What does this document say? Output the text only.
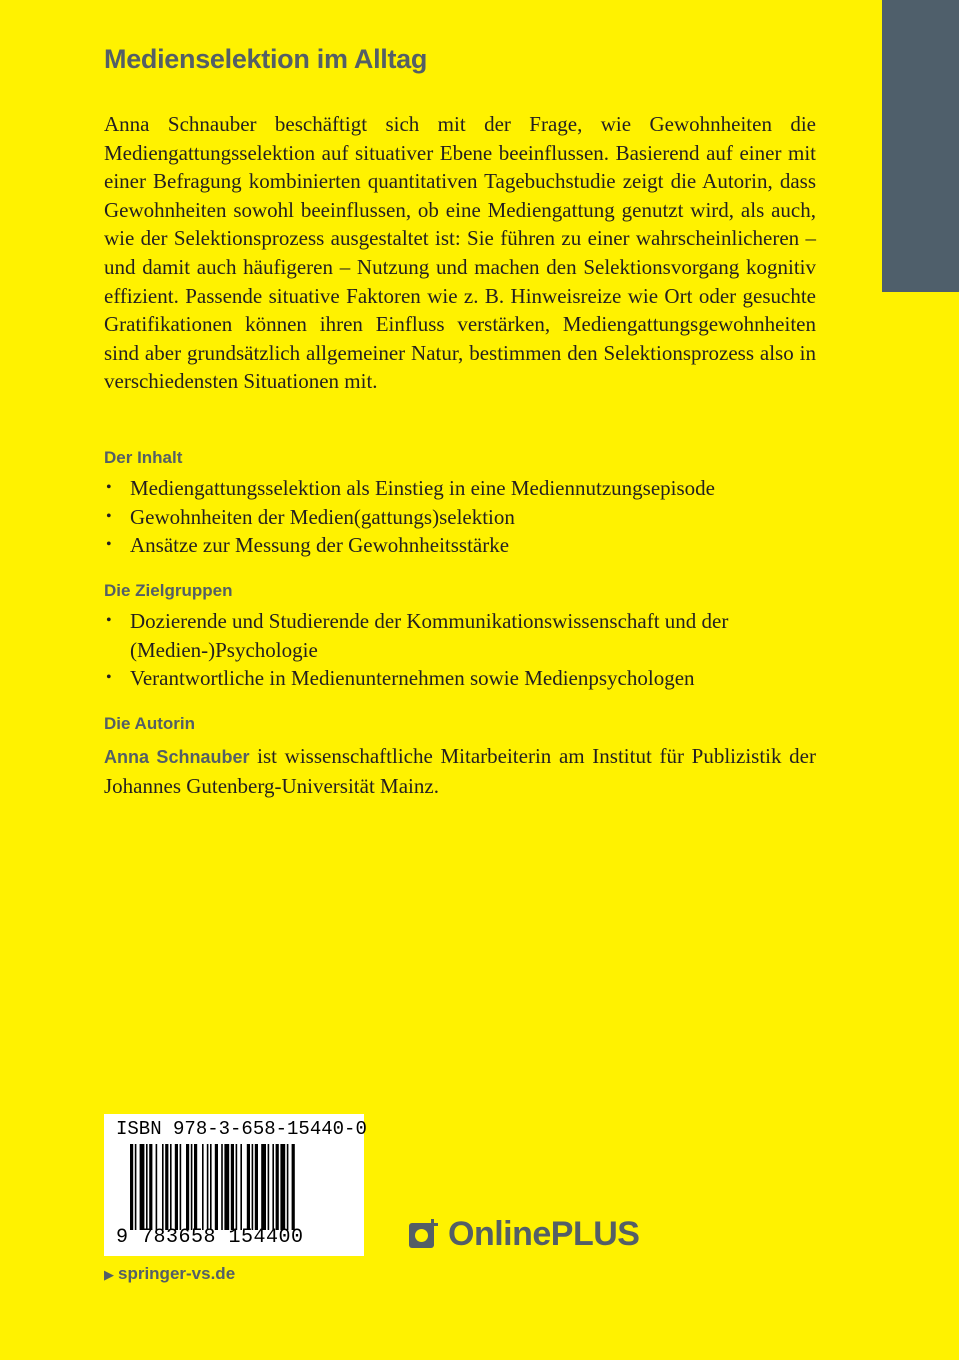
Medienselektion im Alltag

Anna Schnauber beschäftigt sich mit der Frage, wie Gewohnheiten die Mediengattungsselektion auf situativer Ebene beeinflussen. Basierend auf einer mit einer Befragung kombinierten quantitativen Tagebuchstudie zeigt die Autorin, dass Gewohnheiten sowohl beeinflussen, ob eine Mediengattung genutzt wird, als auch, wie der Selektionsprozess ausgestaltet ist: Sie führen zu einer wahrscheinlicheren – und damit auch häufigeren – Nutzung und machen den Selektionsvorgang kognitiv effizient. Passende situative Faktoren wie z. B. Hinweisreize wie Ort oder gesuchte Gratifikationen können ihren Einfluss verstärken, Mediengattungsgewohnheiten sind aber grundsätzlich allgemeiner Natur, bestimmen den Selektionsprozess also in verschiedensten Situationen mit.

Der Inhalt
• Mediengattungsselektion als Einstieg in eine Mediennutzungsepisode
• Gewohnheiten der Medien(gattungs)selektion
• Ansätze zur Messung der Gewohnheitsstärke
Die Zielgruppen
• Dozierende und Studierende der Kommunikationswissenschaft und der (Medien-)Psychologie
• Verantwortliche in Medienunternehmen sowie Medienpsychologen
Die Autorin

Anna Schnauber ist wissenschaftliche Mitarbeiterin am Institut für Publizistik der Johannes Gutenberg-Universität Mainz.

ISBN 978-3-658-15440-0
9 783658 154400
▶ springer-vs.de
OnlinePLUS
